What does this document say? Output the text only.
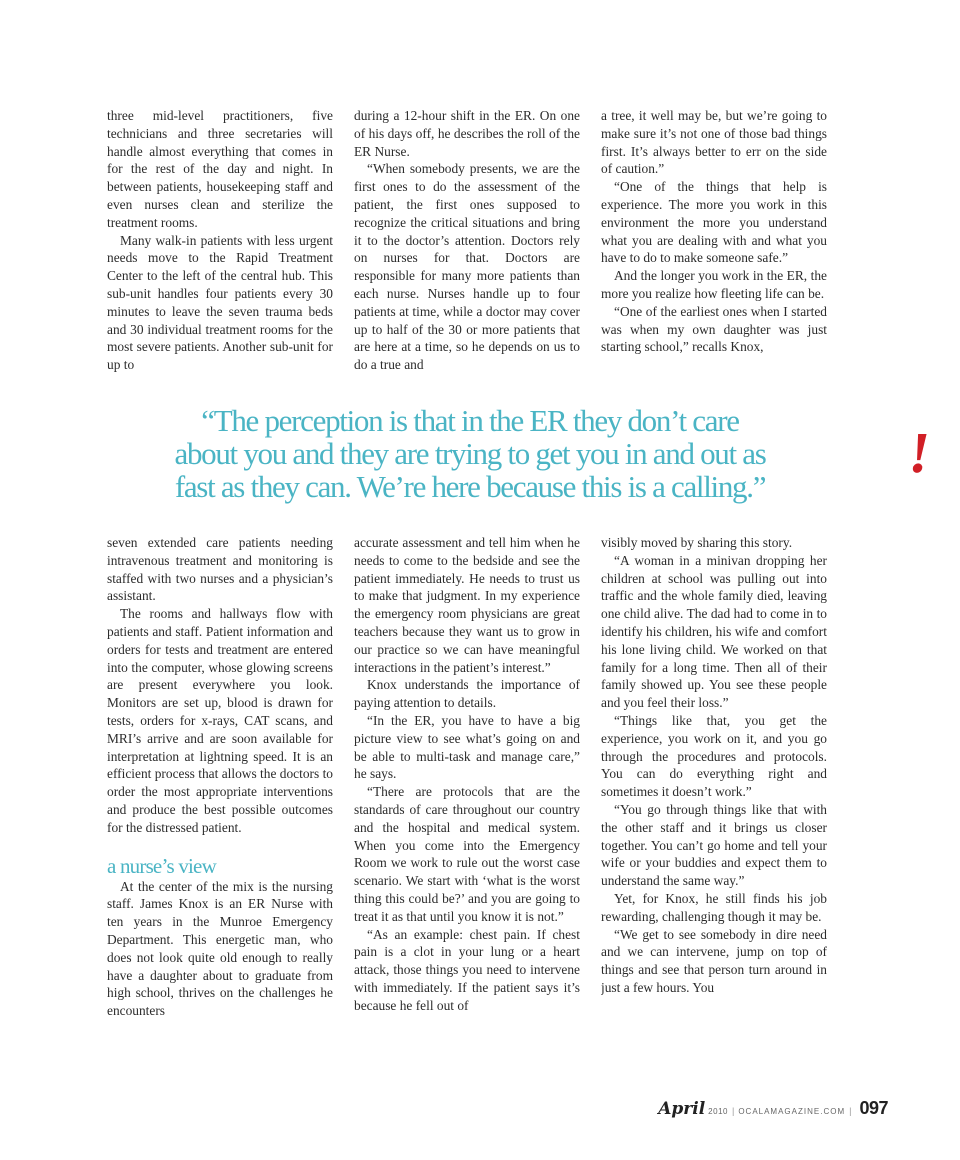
three mid-level practitioners, five technicians and three secretaries will handle almost everything that comes in for the rest of the day and night. In between patients, housekeeping staff and even nurses clean and sterilize the treatment rooms.

Many walk-in patients with less urgent needs move to the Rapid Treatment Center to the left of the central hub. This sub-unit handles four patients every 30 minutes to leave the seven trauma beds and 30 individual treatment rooms for the most severe patients. Another sub-unit for up to

during a 12-hour shift in the ER. On one of his days off, he describes the roll of the ER Nurse.

“When somebody presents, we are the first ones to do the assessment of the patient, the first ones supposed to recognize the critical situations and bring it to the doctor’s attention. Doctors rely on nurses for that. Doctors are responsible for many more patients than each nurse. Nurses handle up to four patients at time, while a doctor may cover up to half of the 30 or more patients that are here at a time, so he depends on us to do a true and

a tree, it well may be, but we’re going to make sure it’s not one of those bad things first. It’s always better to err on the side of caution.”

“One of the things that help is experience. The more you work in this environment the more you understand what you are dealing with and what you have to do to make someone safe.”

And the longer you work in the ER, the more you realize how fleeting life can be.

“One of the earliest ones when I started was when my own daughter was just starting school,” recalls Knox,

“The perception is that in the ER they don’t care
about you and they are trying to get you in and out as
fast as they can. We’re here because this is a calling.”
!

seven extended care patients needing intravenous treatment and monitoring is staffed with two nurses and a physician’s assistant.

The rooms and hallways flow with patients and staff. Patient information and orders for tests and treatment are entered into the computer, whose glowing screens are present everywhere you look. Monitors are set up, blood is drawn for tests, orders for x-rays, CAT scans, and MRI’s arrive and are soon available for interpretation at lightning speed. It is an efficient process that allows the doctors to order the most appropriate interventions and produce the best possible outcomes for the distressed patient.

a nurse’s view

At the center of the mix is the nursing staff. James Knox is an ER Nurse with ten years in the Munroe Emergency Department. This energetic man, who does not look quite old enough to really have a daughter about to graduate from high school, thrives on the challenges he encounters

accurate assessment and tell him when he needs to come to the bedside and see the patient immediately. He needs to trust us to make that judgment. In my experience the emergency room physicians are great teachers because they want us to grow in our practice so we can have meaningful interactions in the patient’s interest.”

Knox understands the importance of paying attention to details.

“In the ER, you have to have a big picture view to see what’s going on and be able to multi-task and manage care,” he says.

“There are protocols that are the standards of care throughout our country and the hospital and medical system. When you come into the Emergency Room we work to rule out the worst case scenario. We start with ‘what is the worst thing this could be?’ and you are going to treat it as that until you know it is not.”

“As an example: chest pain. If chest pain is a clot in your lung or a heart attack, those things you need to intervene with immediately. If the patient says it’s because he fell out of

visibly moved by sharing this story.

“A woman in a minivan dropping her children at school was pulling out into traffic and the whole family died, leaving one child alive. The dad had to come in to identify his children, his wife and comfort his lone living child. We worked on that family for a long time. Then all of their family showed up. You see these people and you feel their loss.”

“Things like that, you get the experience, you work on it, and you go through the procedures and protocols. You can do everything right and sometimes it doesn’t work.”

“You go through things like that with the other staff and it brings us closer together. You can’t go home and tell your wife or your buddies and expect them to understand the same way.”

Yet, for Knox, he still finds his job rewarding, challenging though it may be.

“We get to see somebody in dire need and we can intervene, jump on top of things and see that person turn around in just a few hours. You

April 2010 | OCALAMAGAZINE.COM | 097
